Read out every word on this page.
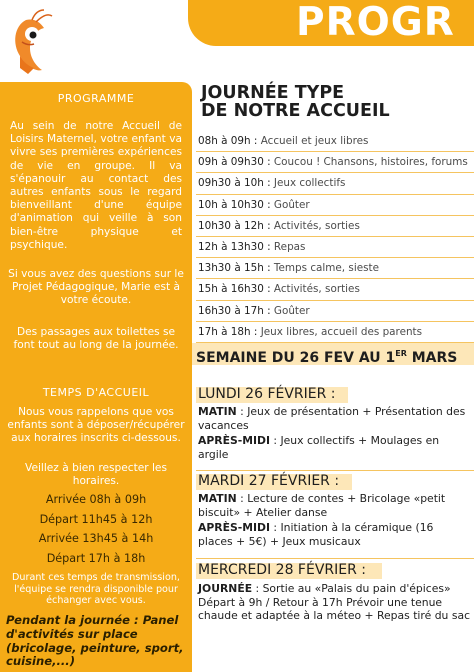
PROGR
PROGRAMME
Au sein de notre Accueil de Loisirs Maternel, votre enfant va vivre ses premières expériences de vie en groupe. Il va s'épanouir au contact des autres enfants sous le regard bienveillant d'une équipe d'animation qui veille à son bien-être physique et psychique.
Si vous avez des questions sur le Projet Pédagogique, Marie est à votre écoute.
Des passages aux toilettes se font tout au long de la journée.
TEMPS D'ACCUEIL
Nous vous rappelons que vos enfants sont à déposer/récupérer aux horaires inscrits ci-dessous.
Veillez à bien respecter les horaires.
Arrivée 08h à 09h
Départ 11h45 à 12h
Arrivée 13h45 à 14h
Départ 17h à 18h
Durant ces temps de transmission, l'équipe se rendra disponible pour échanger avec vous.
Pendant la journée : Panel d'activités sur place (bricolage, peinture, sport, cuisine,...)
JOURNÉE TYPE
DE NOTRE ACCUEIL
08h à 09h : Accueil et jeux libres
09h à 09h30 : Coucou ! Chansons, histoires, forums
09h30 à 10h : Jeux collectifs
10h à 10h30 : Goûter
10h30 à 12h : Activités, sorties
12h à 13h30 : Repas
13h30 à 15h : Temps calme, sieste
15h à 16h30 : Activités, sorties
16h30 à 17h : Goûter
17h à 18h : Jeux libres, accueil des parents
SEMAINE DU 26 FEV AU 1ER MARS
LUNDI 26 FÉVRIER :
MATIN : Jeux de présentation + Présentation des vacances
APRÈS-MIDI : Jeux collectifs + Moulages en argile
MARDI 27 FÉVRIER :
MATIN : Lecture de contes + Bricolage «petit biscuit» + Atelier danse
APRÈS-MIDI : Initiation à la céramique (16 places + 5€) + Jeux musicaux
MERCREDI 28 FÉVRIER :
JOURNÉE : Sortie au «Palais du pain d'épices» Départ à 9h / Retour à 17h Prévoir une tenue chaude et adaptée à la méteo + Repas tiré du sac
